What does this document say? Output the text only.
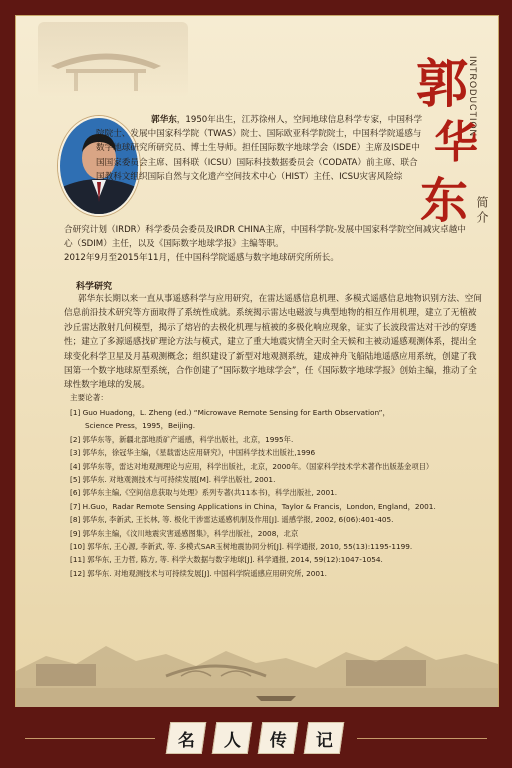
INTRODUCTION
郭
华
东 简介
郭华东，1950年出生，江苏徐州人，空间地球信息科学专家，中国科学院院士、发展中国家科学院（TWAS）院士、国际欧亚科学院院士，中国科学院遥感与数字地球研究所研究员、博士生导师。担任国际数字地球学会（ISDE）主席及ISDE中国国家委员会主席、国科联（ICSU）国际科技数据委员会（CODATA）前主席、联合国教科文组织国际自然与文化遗产空间技术中心（HIST）主任、ICSU灾害风险综
合研究计划（IRDR）科学委员会委员及IRDR CHINA主席，中国科学院-发展中国家科学院空间减灾卓越中心（SDIM）主任，以及《国际数字地球学报》主编等职。
2012年9月至2015年11月，任中国科学院遥感与数字地球研究所所长。
科学研究
郭华东长期以来一直从事遥感科学与应用研究，在雷达遥感信息机理、多模式遥感信息地物识别方法、空间信息前沿技术研究等方面取得了系统性成就。系统揭示雷达电磁波与典型地物的相互作用机理，建立了无植被沙丘雷达散射几何模型，揭示了熔岩的去极化机理与植被的多极化响应现象，证实了长波段雷达对干沙的穿透性；建立了多源遥感找矿理论方法与模式，建立了重大地震灾情全天时全天候和主被动遥感观测体系，提出全球变化科学卫星及月基观测概念；组织建设了新型对地观测系统，建成神舟飞船陆地遥感应用系统，创建了我国第一个数字地球原型系统，合作创建了“国际数字地球学会”，任《国际数字地球学报》创始主编，推动了全球性数字地球的发展。
主要论著：
[1] Guo Huadong，L. Zheng (ed.) “Microwave Remote Sensing for Earth Observation”，
Science Press，1995，Beijing.
[2] 郭华东等，新疆北部地质矿产遥感，科学出版社，北京，1995年.
[3] 郭华东，徐冠华主编，《星载雷达应用研究》，中国科学技术出版社,1996
[4] 郭华东等，雷达对地观测理论与应用，科学出版社，北京，2000年。（国家科学技术学术著作出版基金项目）
[5] 郭华东. 对地观测技术与可持续发展[M]. 科学出版社, 2001.
[6] 郭华东主编,《空间信息获取与处理》系列专著(共11本书)，科学出版社, 2001.
[7] H.Guo，Radar Remote Sensing Applications in China，Taylor & Francis，London, England，2001.
[8] 郭华东, 李新武, 王长林, 等. 极化干涉雷达遥感机制及作用[J]. 遥感学报, 2002, 6(06):401-405.
[9] 郭华东主编，《汶川地震灾害遥感图集》，科学出版社，2008，北京
[10] 郭华东, 王心源, 李新武, 等. 多模式SAR玉树地震协同分析[J]. 科学通报, 2010, 55(13):1195-1199.
[11] 郭华东, 王力哲, 陈方, 等. 科学大数据与数字地球[J]. 科学通报, 2014, 59(12):1047-1054.
[12] 郭华东. 对地观测技术与可持续发展[J]. 中国科学院遥感应用研究所, 2001.
名 人 传 记
